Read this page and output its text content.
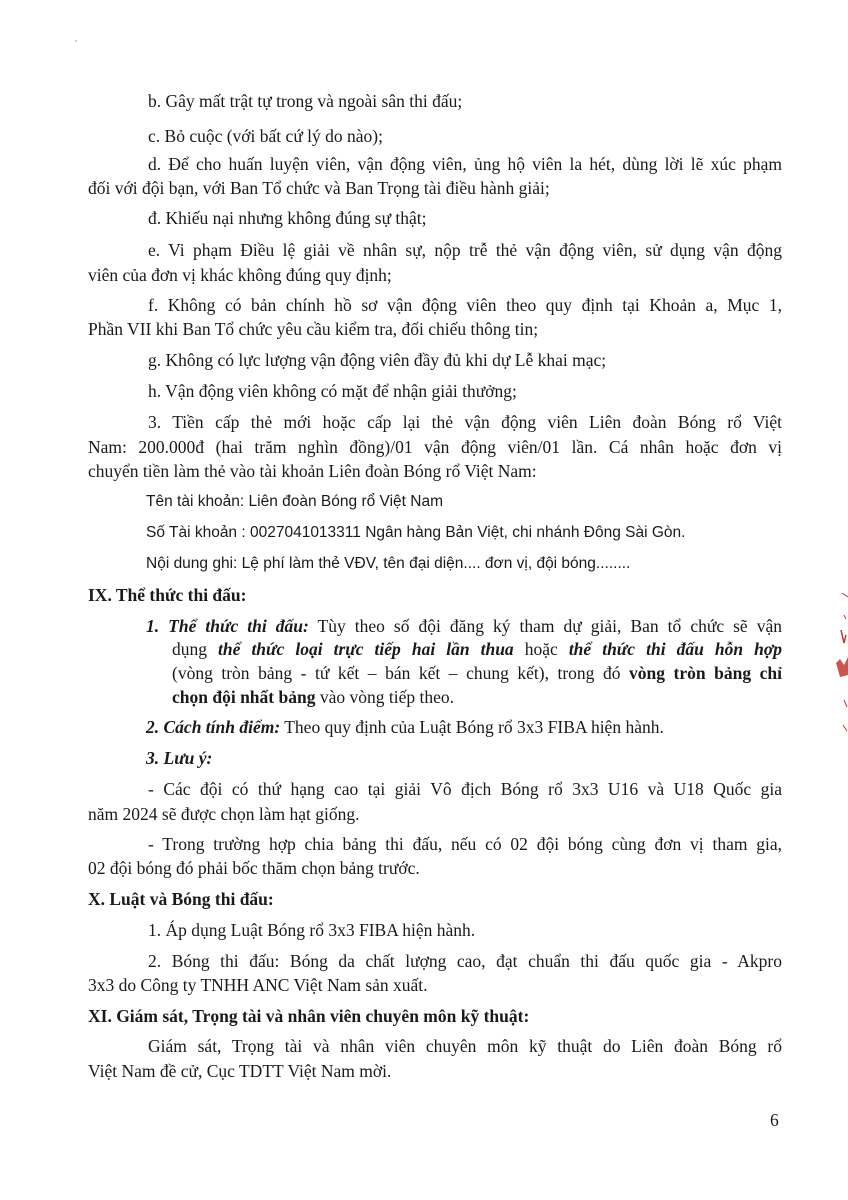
b. Gây mất trật tự trong và ngoài sân thi đấu;
c. Bỏ cuộc (với bất cứ lý do nào);
d. Để cho huấn luyện viên, vận động viên, ủng hộ viên la hét, dùng lời lẽ xúc phạm
đối với đội bạn, với Ban Tổ chức và Ban Trọng tài điều hành giải;
đ. Khiếu nại nhưng không đúng sự thật;
e. Vi phạm Điều lệ giải về nhân sự, nộp trễ thẻ vận động viên, sử dụng vận động
viên của đơn vị khác không đúng quy định;
f. Không có bản chính hồ sơ vận động viên theo quy định tại Khoản a, Mục 1,
Phần VII khi Ban Tổ chức yêu cầu kiểm tra, đối chiếu thông tin;
g. Không có lực lượng vận động viên đầy đủ khi dự Lễ khai mạc;
h. Vận động viên không có mặt để nhận giải thưởng;
3. Tiền cấp thẻ mới hoặc cấp lại thẻ vận động viên Liên đoàn Bóng rổ Việt
Nam: 200.000đ (hai trăm nghìn đồng)/01 vận động viên/01 lần. Cá nhân hoặc đơn vị
chuyển tiền làm thẻ vào tài khoản Liên đoàn Bóng rổ Việt Nam:
Tên tài khoản: Liên đoàn Bóng rổ Việt Nam
Số Tài khoản : 0027041013311 Ngân hàng Bản Việt, chi nhánh Đông Sài Gòn.
Nội dung ghi: Lệ phí làm thẻ VĐV, tên đại diện.... đơn vị, đội bóng........
IX. Thể thức thi đấu:
1. Thể thức thi đấu: Tùy theo số đội đăng ký tham dự giải, Ban tổ chức sẽ vận
dụng thể thức loại trực tiếp hai lần thua hoặc thể thức thi đấu hỗn hợp
(vòng tròn bảng - tứ kết – bán kết – chung kết), trong đó vòng tròn bảng chỉ
chọn đội nhất bảng vào vòng tiếp theo.
2. Cách tính điểm: Theo quy định của Luật Bóng rổ 3x3 FIBA hiện hành.
3. Lưu ý:
- Các đội có thứ hạng cao tại giải Vô địch Bóng rổ 3x3 U16 và U18 Quốc gia
năm 2024 sẽ được chọn làm hạt giống.
- Trong trường hợp chia bảng thi đấu, nếu có 02 đội bóng cùng đơn vị tham gia,
02 đội bóng đó phải bốc thăm chọn bảng trước.
X. Luật và Bóng thi đấu:
1. Áp dụng Luật Bóng rổ 3x3 FIBA hiện hành.
2. Bóng thi đấu: Bóng da chất lượng cao, đạt chuẩn thi đấu quốc gia - Akpro
3x3 do Công ty TNHH ANC Việt Nam sản xuất.
XI. Giám sát, Trọng tài và nhân viên chuyên môn kỹ thuật:
Giám sát, Trọng tài và nhân viên chuyên môn kỹ thuật do Liên đoàn Bóng rổ
Việt Nam đề cử, Cục TDTT Việt Nam mời.
6
